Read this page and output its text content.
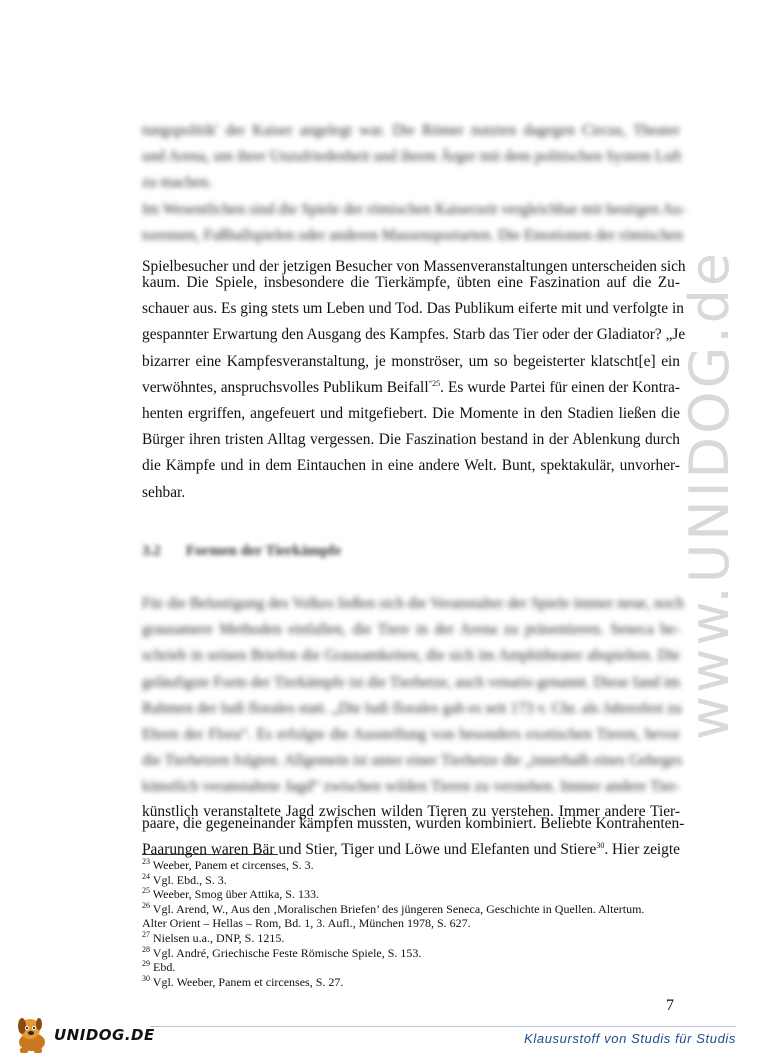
tungspolitik' der Kaiser angelegt war. Die Römer nutzten dagegen Circus, Theater
und Arena, um ihrer Unzufriedenheit und ihrem Ärger mit dem politischen System Luft
zu machen.
Im Wesentlichen sind die Spiele der römischen Kaiserzeit vergleichbar mit heutigen Au-
torennen, Fußballspielen oder anderen Massensportarten. Die Emotionen der römischen
Spielbesucher und der jetzigen Besucher von Massenveranstaltungen unterscheiden sich
kaum. Die Spiele, insbesondere die Tierkämpfe, übten eine Faszination auf die Zu-
schauer aus. Es ging stets um Leben und Tod. Das Publikum eiferte mit und verfolgte in
gespannter Erwartung den Ausgang des Kampfes. Starb das Tier oder der Gladiator? „Je
bizarrer eine Kampfesveranstaltung, je monströser, um so begeisterter klatscht[e] ein
verwöhntes, anspruchsvolles Publikum Beifall$^{“25}$. Es wurde Partei für einen der Kontra-
henten ergriffen, angefeuert und mitgefiebert. Die Momente in den Stadien ließen die
Bürger ihren tristen Alltag vergessen. Die Faszination bestand in der Ablenkung durch
die Kämpfe und in dem Eintauchen in eine andere Welt. Bunt, spektakulär, unvorher-
sehbar.
3.2 Formen der Tierkämpfe
Für die Belustigung des Volkes ließen sich die Veranstalter der Spiele immer neue, noch
grausamere Methoden einfallen, die Tiere in der Arena zu präsentieren. Seneca be-
schrieb in seinen Briefen die Grausamkeiten, die sich im Amphitheater abspielten. Die
geläufigste Form der Tierkämpfe ist die Tierhetze, auch venatio genannt. Diese fand im
Rahmen der ludi florales statt. „Die ludi florales gab es seit 173 v. Chr. als Jahresfest zu
Ehren der Flora“. Es erfolgte die Ausstellung von besonders exotischen Tieren, bevor
die Tierhetzen folgten. Allgemein ist unter einer Tierhetze die „innerhalb eines Geheges
künstlich veranstaltete Jagd“ zwischen wilden Tieren zu verstehen. Immer andere Tier-
künstlich veranstaltete Jagd zwischen wilden Tieren zu verstehen. Immer andere Tier-
paare, die gegeneinander kämpfen mussten, wurden kombiniert. Beliebte Kontrahenten-
Paarungen waren Bär und Stier, Tiger und Löwe und Elefanten und Stiere$^{30}$. Hier zeigte
$^{23}$ Weeber, Panem et circenses, S. 3.
$^{24}$ Vgl. Ebd., S. 3.
$^{25}$ Weeber, Smog über Attika, S. 133.
$^{26}$ Vgl. Arend, W., Aus den ‚Moralischen Briefen’ des jüngeren Seneca, Geschichte in Quellen. Altertum.
Alter Orient – Hellas – Rom, Bd. 1, 3. Aufl., München 1978, S. 627.
$^{27}$ Nielsen u.a., DNP, S. 1215.
$^{28}$ Vgl. André, Griechische Feste Römische Spiele, S. 153.
$^{29}$ Ebd.
$^{30}$ Vgl. Weeber, Panem et circenses, S. 27.
7
www.UNIDOG.de
UNIDOG.DE	Klausurstoff von Studis für Studis
